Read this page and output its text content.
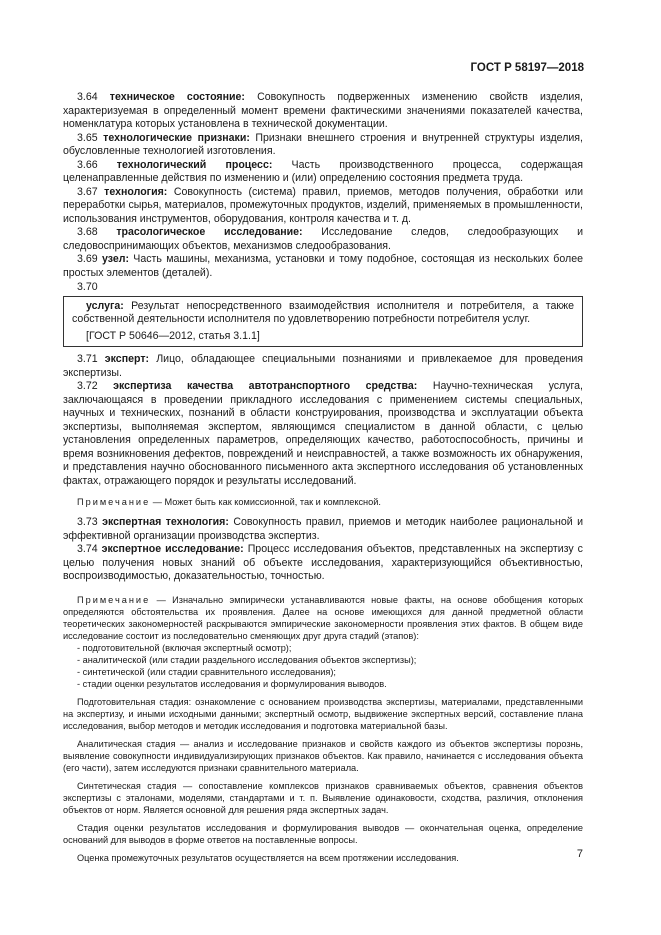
ГОСТ Р 58197—2018
3.64 техническое состояние: Совокупность подверженных изменению свойств изделия, характеризуемая в определенный момент времени фактическими значениями показателей качества, номенклатура которых установлена в технической документации.
3.65 технологические признаки: Признаки внешнего строения и внутренней структуры изделия, обусловленные технологией изготовления.
3.66 технологический процесс: Часть производственного процесса, содержащая целенаправленные действия по изменению и (или) определению состояния предмета труда.
3.67 технология: Совокупность (система) правил, приемов, методов получения, обработки или переработки сырья, материалов, промежуточных продуктов, изделий, применяемых в промышленности, использования инструментов, оборудования, контроля качества и т. д.
3.68 трасологическое исследование: Исследование следов, следообразующих и следовоспринимающих объектов, механизмов следообразования.
3.69 узел: Часть машины, механизма, установки и тому подобное, состоящая из нескольких более простых элементов (деталей).
3.70
услуга: Результат непосредственного взаимодействия исполнителя и потребителя, а также собственной деятельности исполнителя по удовлетворению потребности потребителя услуг.
[ГОСТ Р 50646—2012, статья 3.1.1]
3.71 эксперт: Лицо, обладающее специальными познаниями и привлекаемое для проведения экспертизы.
3.72 экспертиза качества автотранспортного средства: Научно-техническая услуга, заключающаяся в проведении прикладного исследования с применением системы специальных, научных и технических, познаний в области конструирования, производства и эксплуатации объекта экспертизы, выполняемая экспертом, являющимся специалистом в данной области, с целью установления определенных параметров, определяющих качество, работоспособность, причины и время возникновения дефектов, повреждений и неисправностей, а также возможность их обнаружения, и представления научно обоснованного письменного акта экспертного исследования об установленных фактах, отражающего порядок и результаты исследований.
Примечание — Может быть как комиссионной, так и комплексной.
3.73 экспертная технология: Совокупность правил, приемов и методик наиболее рациональной и эффективной организации производства экспертиз.
3.74 экспертное исследование: Процесс исследования объектов, представленных на экспертизу с целью получения новых знаний об объекте исследования, характеризующийся объективностью, воспроизводимостью, доказательностью, точностью.
Примечание — Изначально эмпирически устанавливаются новые факты, на основе обобщения которых определяются обстоятельства их проявления. Далее на основе имеющихся для данной предметной области теоретических закономерностей раскрываются эмпирические закономерности проявления этих фактов. В общем виде исследование состоит из последовательно сменяющих друг друга стадий (этапов):
- подготовительной (включая экспертный осмотр);
- аналитической (или стадии раздельного исследования объектов экспертизы);
- синтетической (или стадии сравнительного исследования);
- стадии оценки результатов исследования и формулирования выводов.
Подготовительная стадия: ознакомление с основанием производства экспертизы, материалами, представленными на экспертизу, и иными исходными данными; экспертный осмотр, выдвижение экспертных версий, составление плана исследования, выбор методов и методик исследования и подготовка материальной базы.
Аналитическая стадия — анализ и исследование признаков и свойств каждого из объектов экспертизы порознь, выявление совокупности индивидуализирующих признаков объектов. Как правило, начинается с исследования объекта (его части), затем исследуются признаки сравнительного материала.
Синтетическая стадия — сопоставление комплексов признаков сравниваемых объектов, сравнения объектов экспертизы с эталонами, моделями, стандартами и т. п. Выявление одинаковости, сходства, различия, отклонения объектов от норм. Является основной для решения ряда экспертных задач.
Стадия оценки результатов исследования и формулирования выводов — окончательная оценка, определение оснований для выводов в форме ответов на поставленные вопросы.
Оценка промежуточных результатов осуществляется на всем протяжении исследования.	7
